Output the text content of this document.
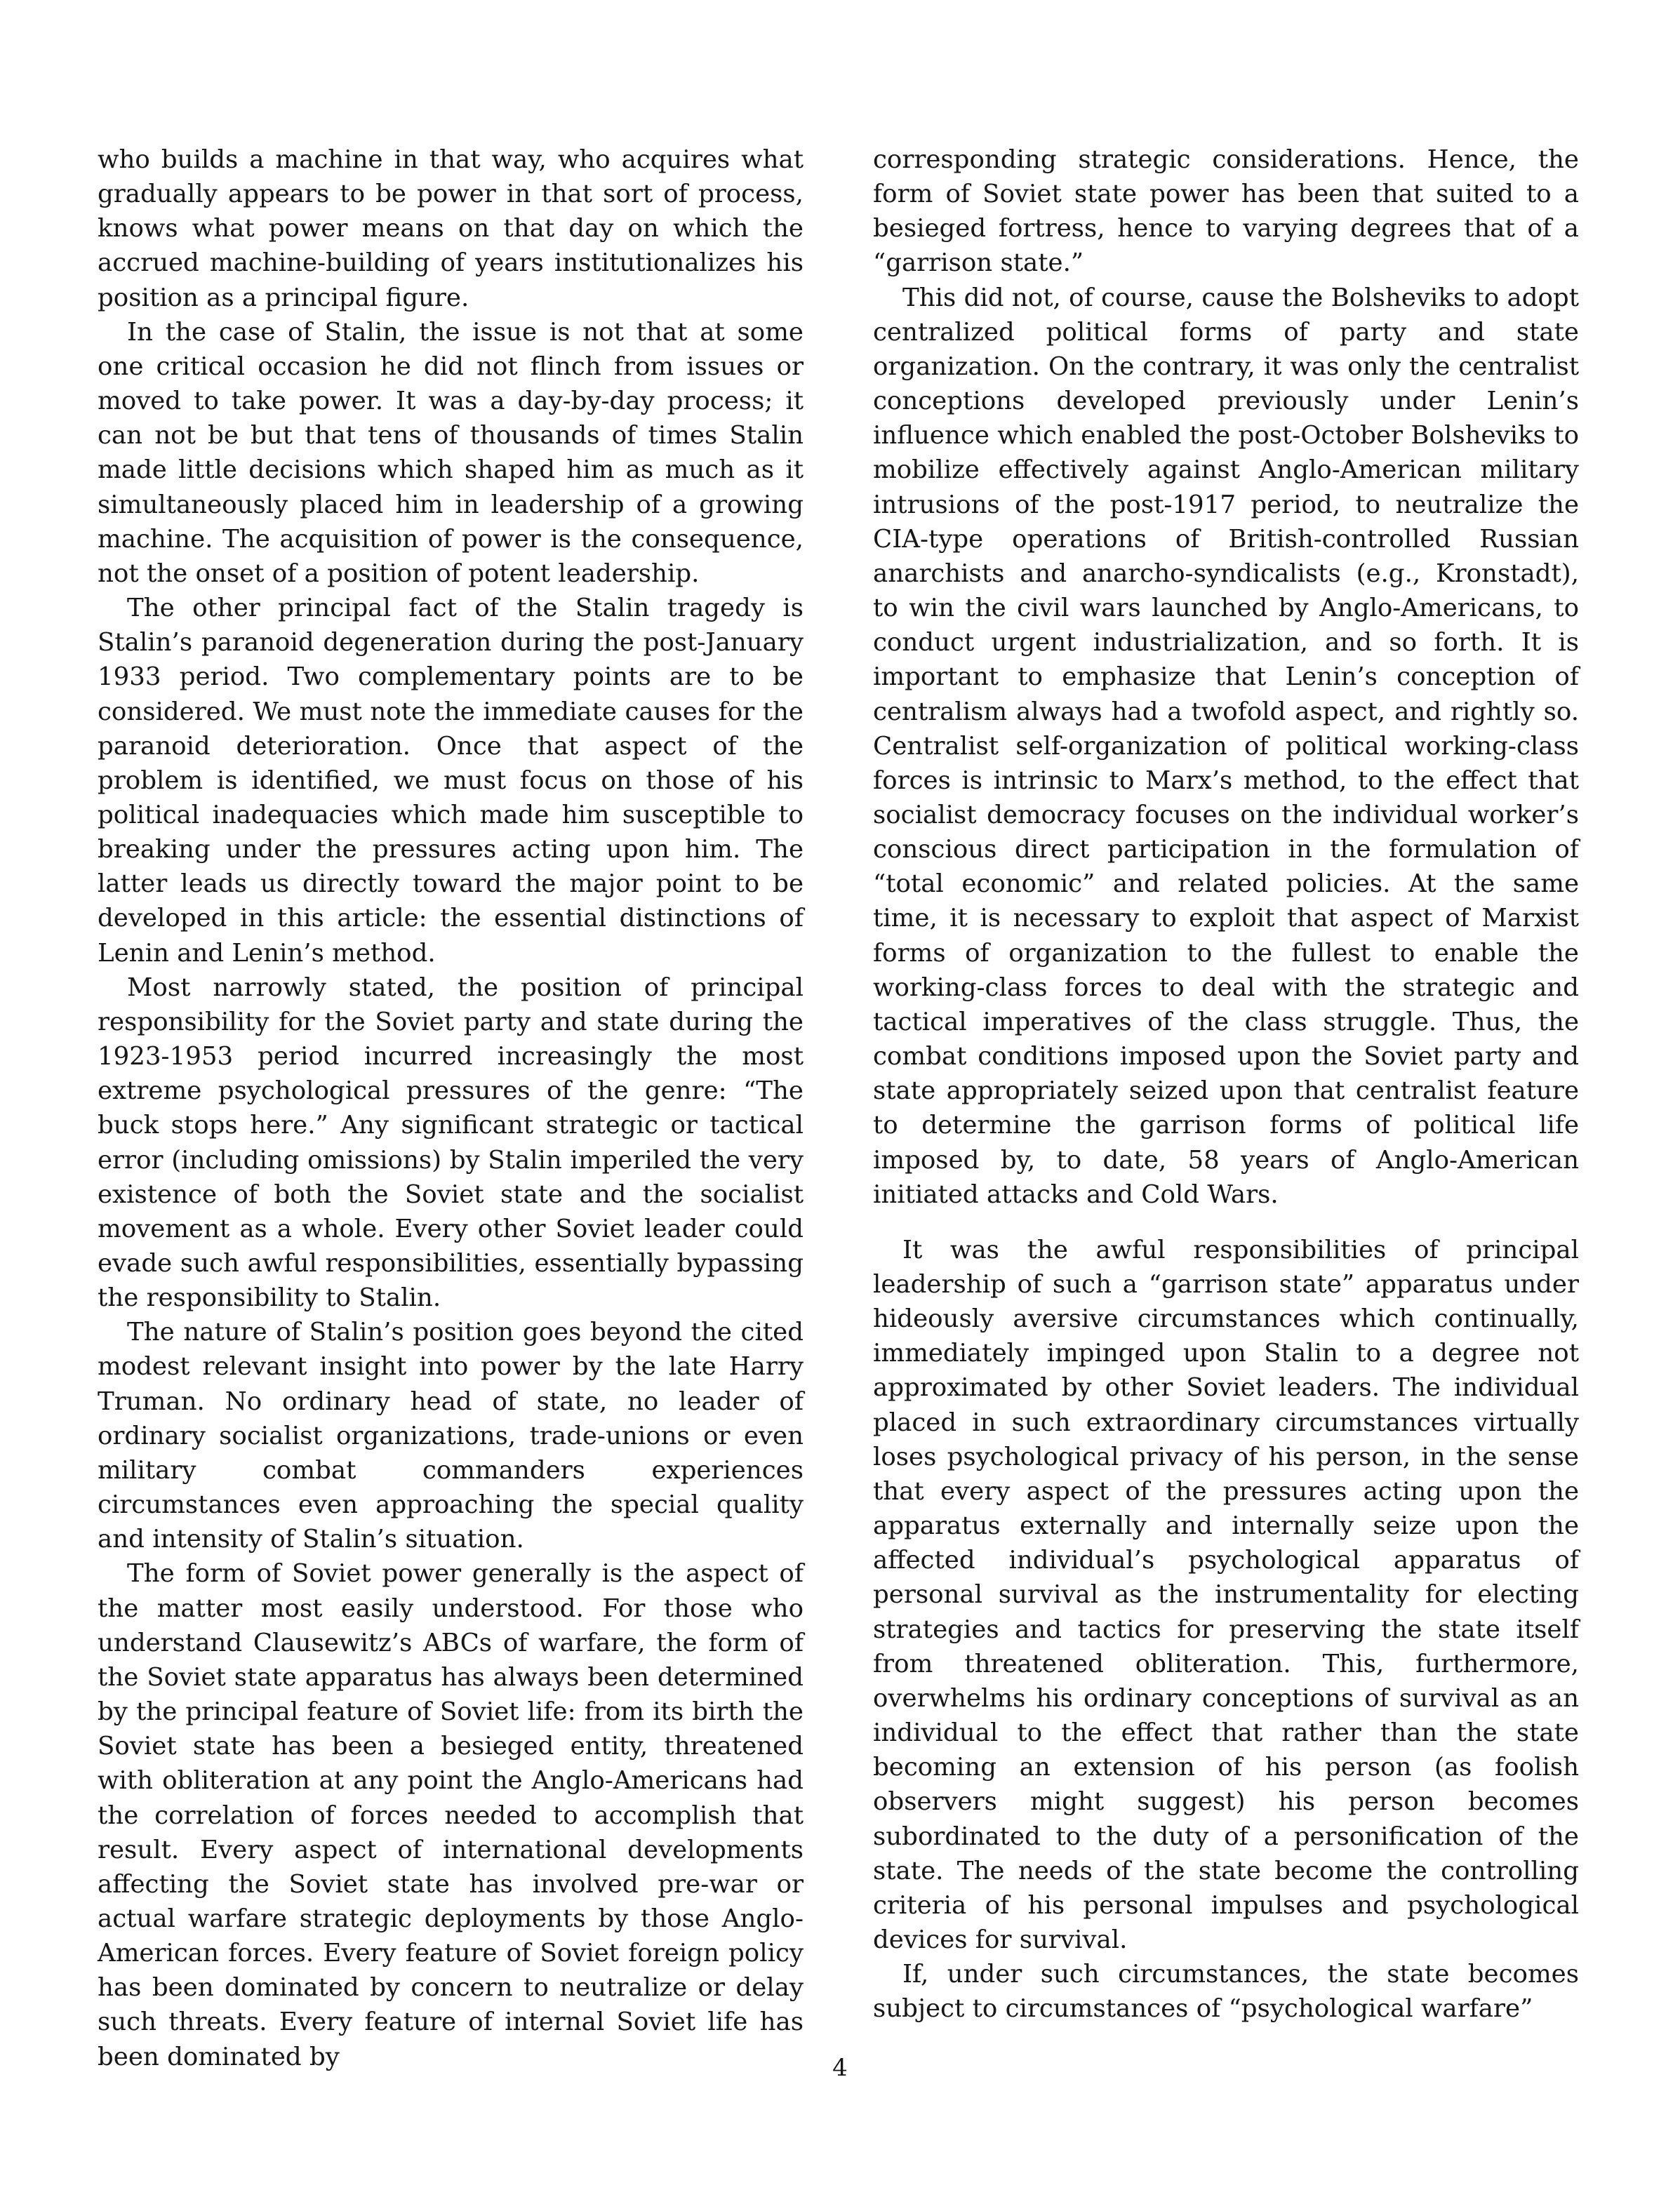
who builds a machine in that way, who acquires what gradually appears to be power in that sort of process, knows what power means on that day on which the accrued machine-building of years institutionalizes his position as a principal figure.

In the case of Stalin, the issue is not that at some one critical occasion he did not flinch from issues or moved to take power. It was a day-by-day process; it can not be but that tens of thousands of times Stalin made little decisions which shaped him as much as it simultaneously placed him in leadership of a growing machine. The acquisition of power is the consequence, not the onset of a position of potent leadership.

The other principal fact of the Stalin tragedy is Stalin’s paranoid degeneration during the post-January 1933 period. Two complementary points are to be considered. We must note the immediate causes for the paranoid deterioration. Once that aspect of the problem is identified, we must focus on those of his political inadequacies which made him susceptible to breaking under the pressures acting upon him. The latter leads us directly toward the major point to be developed in this article: the essential distinctions of Lenin and Lenin’s method.

Most narrowly stated, the position of principal responsibility for the Soviet party and state during the 1923-1953 period incurred increasingly the most extreme psychological pressures of the genre: “The buck stops here.” Any significant strategic or tactical error (including omissions) by Stalin imperiled the very existence of both the Soviet state and the socialist movement as a whole. Every other Soviet leader could evade such awful responsibilities, essentially bypassing the responsibility to Stalin.

The nature of Stalin’s position goes beyond the cited modest relevant insight into power by the late Harry Truman. No ordinary head of state, no leader of ordinary socialist organizations, trade-unions or even military combat commanders experiences circumstances even approaching the special quality and intensity of Stalin’s situation.

The form of Soviet power generally is the aspect of the matter most easily understood. For those who understand Clausewitz’s ABCs of warfare, the form of the Soviet state apparatus has always been determined by the principal feature of Soviet life: from its birth the Soviet state has been a besieged entity, threatened with obliteration at any point the Anglo-Americans had the correlation of forces needed to accomplish that result. Every aspect of international developments affecting the Soviet state has involved pre-war or actual warfare strategic deployments by those Anglo-American forces. Every feature of Soviet foreign policy has been dominated by concern to neutralize or delay such threats. Every feature of internal Soviet life has been dominated by

corresponding strategic considerations. Hence, the form of Soviet state power has been that suited to a besieged fortress, hence to varying degrees that of a “garrison state.”

This did not, of course, cause the Bolsheviks to adopt centralized political forms of party and state organization. On the contrary, it was only the centralist conceptions developed previously under Lenin’s influence which enabled the post-October Bolsheviks to mobilize effectively against Anglo-American military intrusions of the post-1917 period, to neutralize the CIA-type operations of British-controlled Russian anarchists and anarcho-syndicalists (e.g., Kronstadt), to win the civil wars launched by Anglo-Americans, to conduct urgent industrialization, and so forth. It is important to emphasize that Lenin’s conception of centralism always had a twofold aspect, and rightly so. Centralist self-organization of political working-class forces is intrinsic to Marx’s method, to the effect that socialist democracy focuses on the individual worker’s conscious direct participation in the formulation of “total economic” and related policies. At the same time, it is necessary to exploit that aspect of Marxist forms of organization to the fullest to enable the working-class forces to deal with the strategic and tactical imperatives of the class struggle. Thus, the combat conditions imposed upon the Soviet party and state appropriately seized upon that centralist feature to determine the garrison forms of political life imposed by, to date, 58 years of Anglo-American initiated attacks and Cold Wars.

It was the awful responsibilities of principal leadership of such a “garrison state” apparatus under hideously aversive circumstances which continually, immediately impinged upon Stalin to a degree not approximated by other Soviet leaders. The individual placed in such extraordinary circumstances virtually loses psychological privacy of his person, in the sense that every aspect of the pressures acting upon the apparatus externally and internally seize upon the affected individual’s psychological apparatus of personal survival as the instrumentality for electing strategies and tactics for preserving the state itself from threatened obliteration. This, furthermore, overwhelms his ordinary conceptions of survival as an individual to the effect that rather than the state becoming an extension of his person (as foolish observers might suggest) his person becomes subordinated to the duty of a personification of the state. The needs of the state become the controlling criteria of his personal impulses and psychological devices for survival.

If, under such circumstances, the state becomes subject to circumstances of “psychological warfare”

4
